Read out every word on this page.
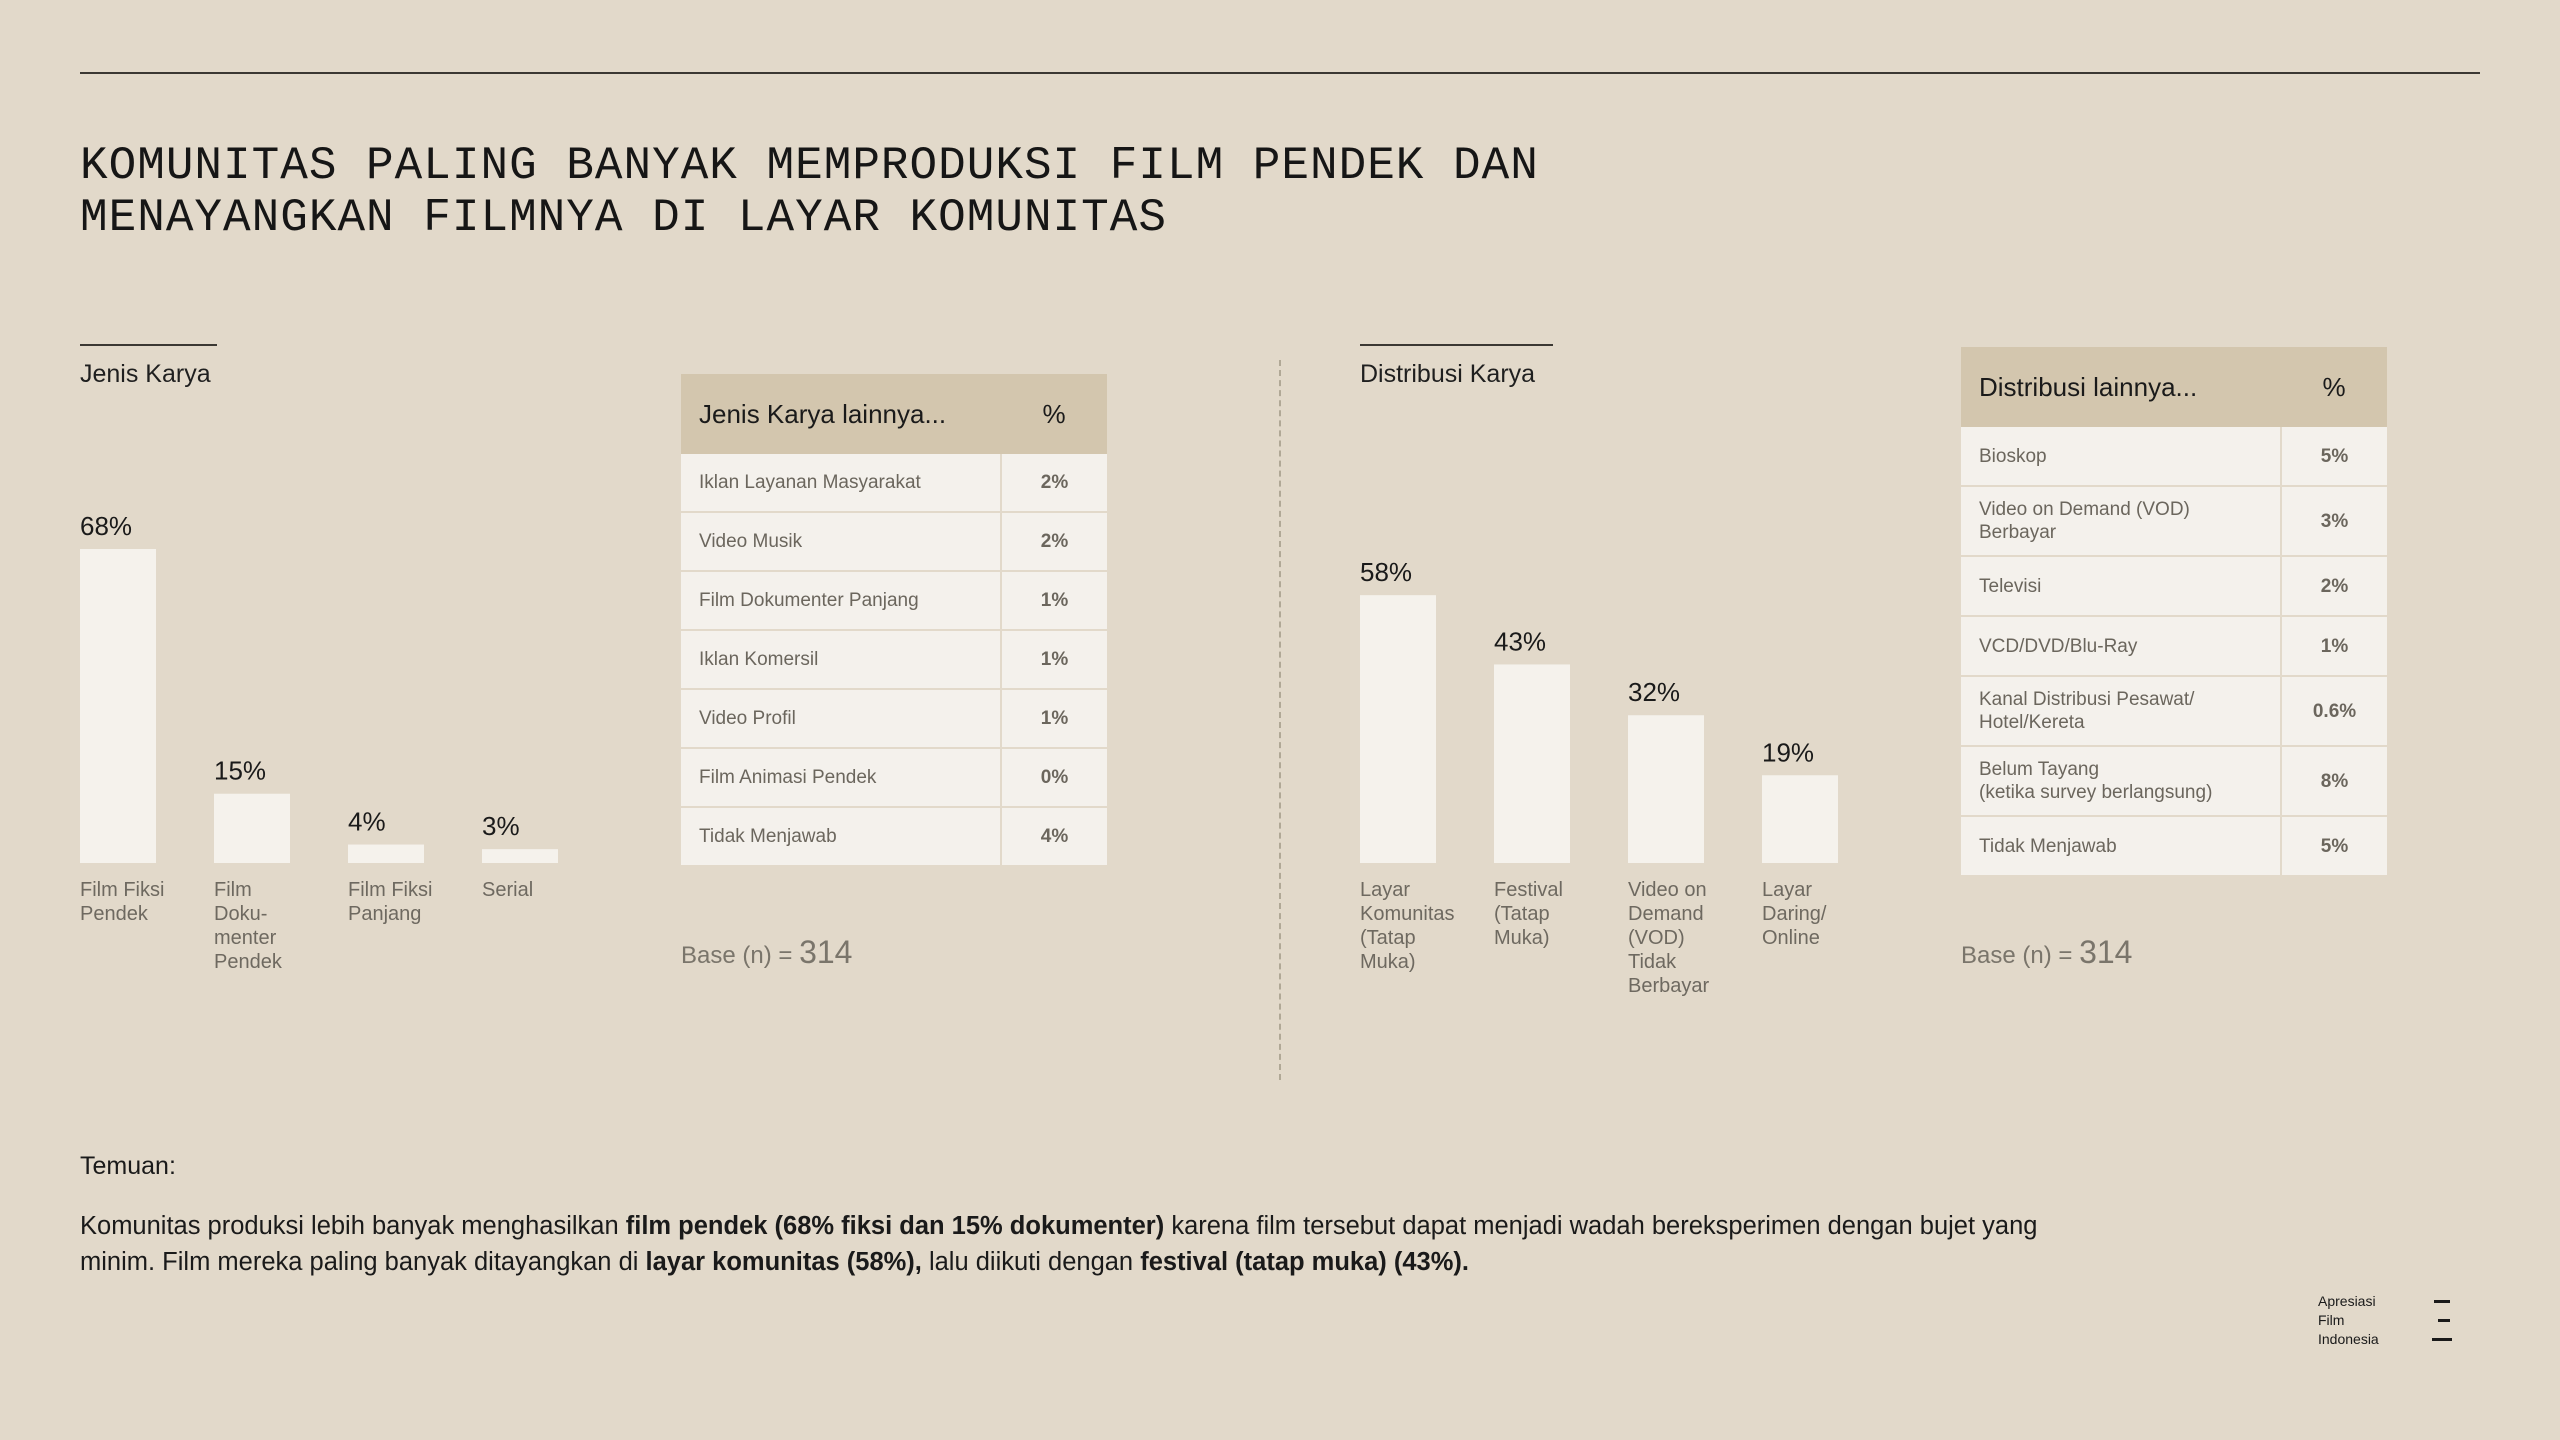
KOMUNITAS PALING BANYAK MEMPRODUKSI FILM PENDEK DAN
MENAYANGKAN FILMNYA DI LAYAR KOMUNITAS
Jenis Karya	Distribusi Karya
68%
Film Fiksi
Pendek
15%
Film
Doku-
menter
Pendek
4%
Film Fiksi
Panjang
3%
Serial
58%
Layar
Komunitas
(Tatap
Muka)
43%
Festival
(Tatap
Muka)
32%
Video on
Demand
(VOD)
Tidak
Berbayar
19%
Layar
Daring/
Online
Jenis Karya lainnya...	%
Iklan Layanan Masyarakat	2%
Video Musik	2%
Film Dokumenter Panjang	1%
Iklan Komersil	1%
Video Profil	1%
Film Animasi Pendek	0%
Tidak Menjawab	4%
Base (n) = 314
Distribusi lainnya...	%

Bioskop	5%

Video on Demand (VOD)
Berbayar	3%

Televisi	2%

VCD/DVD/Blu-Ray	1%

Kanal Distribusi Pesawat/
Hotel/Kereta	0.6%

Belum Tayang
(ketika survey berlangsung)	8%

Tidak Menjawab	5%
Base (n) = 314
Temuan:
Komunitas produksi lebih banyak menghasilkan film pendek (68% fiksi dan 15% dokumenter) karena film tersebut dapat menjadi wadah bereksperimen dengan bujet yang minim. Film mereka paling banyak ditayangkan di layar komunitas (58%), lalu diikuti dengan festival (tatap muka) (43%).
Apresiasi
Film
Indonesia
